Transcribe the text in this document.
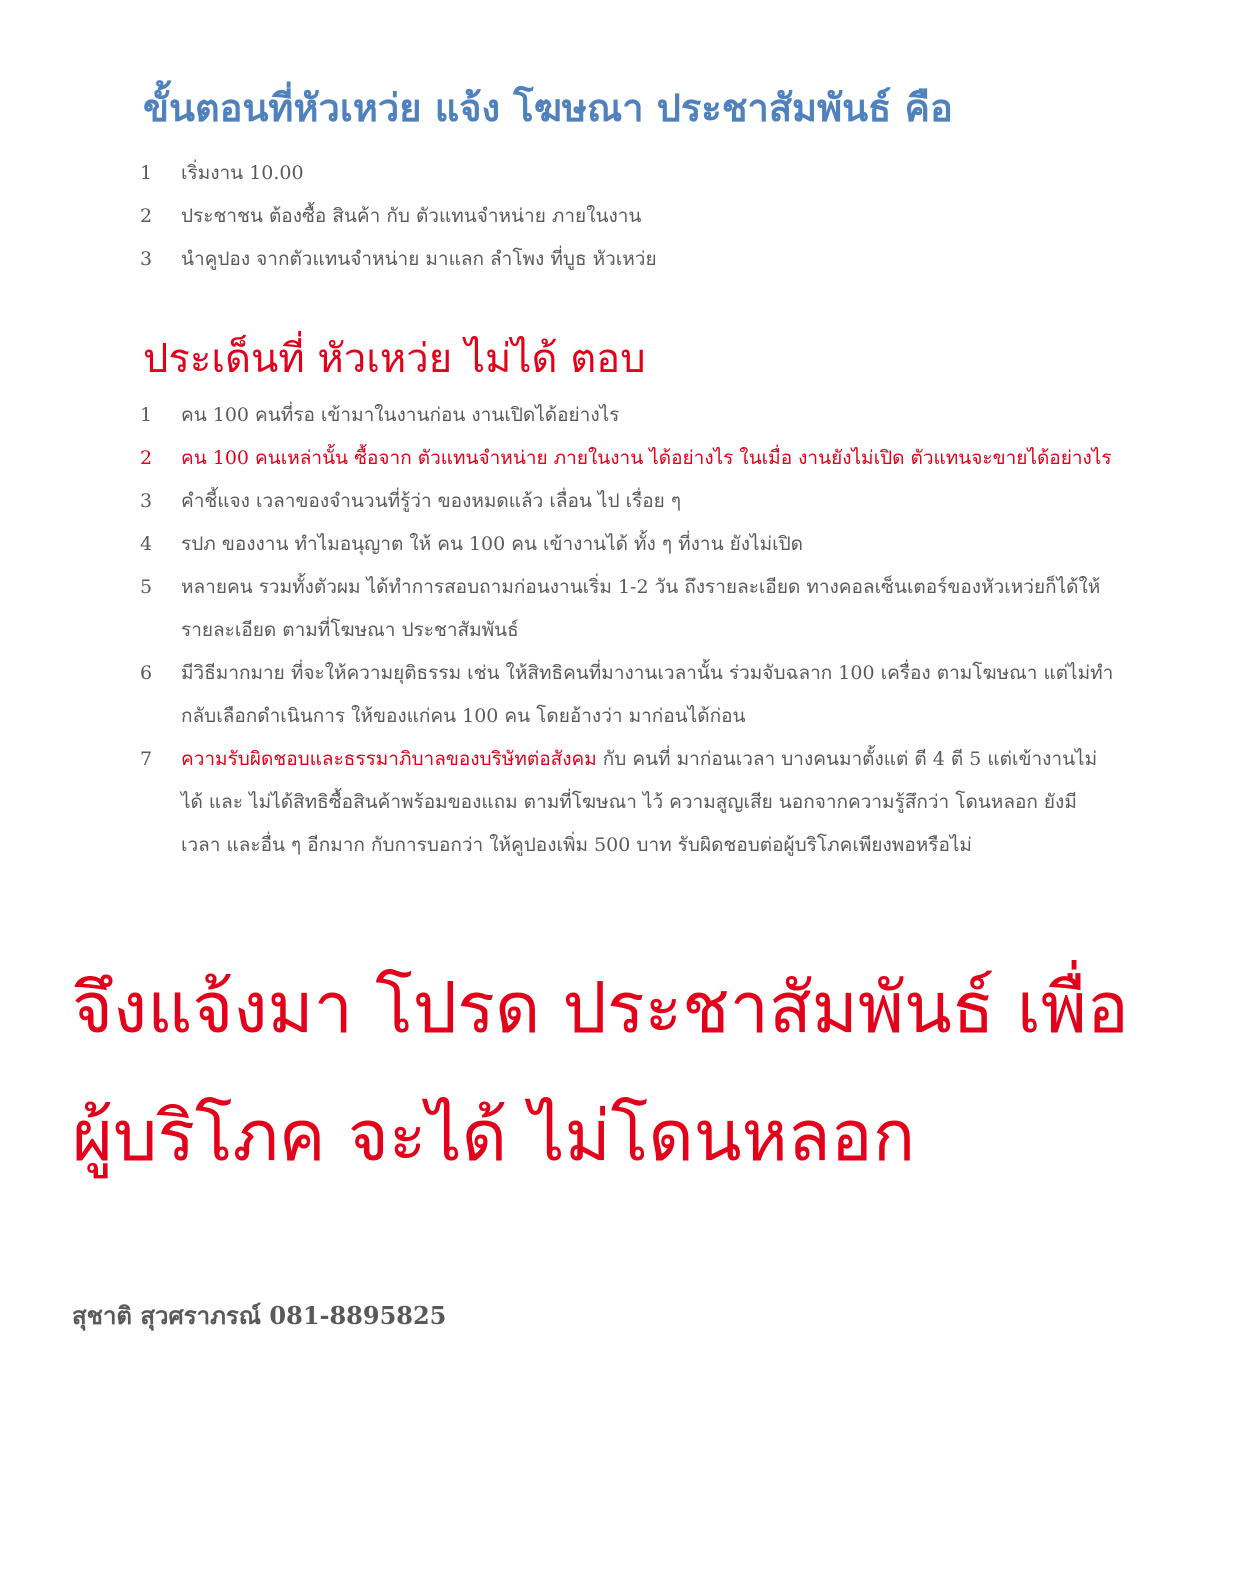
ขั้นตอนที่หัวเหว่ย แจ้ง โฆษณา ประชาสัมพันธ์ คือ
1	เริ่มงาน 10.00
2	ประชาชน ต้องซื้อ สินค้า กับ ตัวแทนจำหน่าย ภายในงาน
3	นำคูปอง จากตัวแทนจำหน่าย มาแลก ลำโพง ที่บูธ หัวเหว่ย
ประเด็นที่ หัวเหว่ย ไม่ได้ ตอบ
1	คน 100 คนที่รอ เข้ามาในงานก่อน งานเปิดได้อย่างไร
2	คน 100 คนเหล่านั้น ซื้อจาก ตัวแทนจำหน่าย ภายในงาน ได้อย่างไร ในเมื่อ งานยังไม่เปิด ตัวแทนจะขายได้อย่างไร
3	คำชี้แจง เวลาของจำนวนที่รู้ว่า ของหมดแล้ว เลื่อน ไป เรื่อย ๆ
4	รปภ ของงาน ทำไมอนุญาต ให้ คน 100 คน เข้างานได้ ทั้ง ๆ ที่งาน ยังไม่เปิด
5	หลายคน รวมทั้งตัวผม ได้ทำการสอบถามก่อนงานเริ่ม 1-2 วัน ถึงรายละเอียด ทางคอลเซ็นเตอร์ของหัวเหว่ยก็ได้ให้รายละเอียด ตามที่โฆษณา ประชาสัมพันธ์
6	มีวิธีมากมาย ที่จะให้ความยุติธรรม เช่น ให้สิทธิคนที่มางานเวลานั้น ร่วมจับฉลาก 100 เครื่อง ตามโฆษณา แต่ไม่ทำ กลับเลือกดำเนินการ ให้ของแก่คน 100 คน โดยอ้างว่า มาก่อนได้ก่อน
7	ความรับผิดชอบและธรรมาภิบาลของบริษัทต่อสังคม กับ คนที่ มาก่อนเวลา บางคนมาตั้งแต่ ตี 4 ตี 5 แต่เข้างานไม่ได้ และ ไม่ได้สิทธิซื้อสินค้าพร้อมของแถม ตามที่โฆษณา ไว้ ความสูญเสีย นอกจากความรู้สึกว่า โดนหลอก ยังมีเวลา และอื่น ๆ อีกมาก กับการบอกว่า ให้คูปองเพิ่ม 500 บาท รับผิดชอบต่อผู้บริโภคเพียงพอหรือไม่
จึงแจ้งมา โปรด ประชาสัมพันธ์ เพื่อ
ผู้บริโภค จะได้ ไม่โดนหลอก
สุชาติ สุวศราภรณ์ 081-8895825
